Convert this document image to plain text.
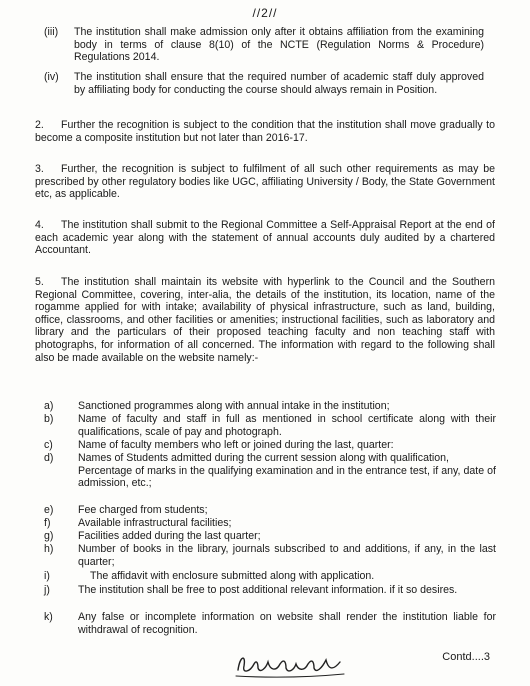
//2//
(iii) The institution shall make admission only after it obtains affiliation from the examining body in terms of clause 8(10) of the NCTE (Regulation Norms & Procedure) Regulations 2014.
(iv) The institution shall ensure that the required number of academic staff duly approved by affiliating body for conducting the course should always remain in Position.
2. Further the recognition is subject to the condition that the institution shall move gradually to become a composite institution but not later than 2016-17.
3. Further, the recognition is subject to fulfilment of all such other requirements as may be prescribed by other regulatory bodies like UGC, affiliating University / Body, the State Government etc, as applicable.
4. The institution shall submit to the Regional Committee a Self-Appraisal Report at the end of each academic year along with the statement of annual accounts duly audited by a chartered Accountant.
5. The institution shall maintain its website with hyperlink to the Council and the Southern Regional Committee, covering, inter-alia, the details of the institution, its location, name of the rogamme applied for with intake; availability of physical infrastructure, such as land, building, office, classrooms, and other facilities or amenities; instructional facilities, such as laboratory and library and the particulars of their proposed teaching faculty and non teaching staff with photographs, for information of all concerned. The information with regard to the following shall also be made available on the website namely:-
a) Sanctioned programmes along with annual intake in the institution;
b) Name of faculty and staff in full as mentioned in school certificate along with their qualifications, scale of pay and photograph.
c) Name of faculty members who left or joined during the last, quarter:
d) Names of Students admitted during the current session along with qualification,
Percentage of marks in the qualifying examination and in the entrance test, if any, date of admission, etc.;
e) Fee charged from students;
f)	Available infrastructural facilities;
g) Facilities added during the last quarter;
h) Number of books in the library, journals subscribed to and additions, if any, in the last quarter;
i)	The affidavit with enclosure submitted along with application.
j)	The institution shall be free to post additional relevant information. if it so desires.
k) Any false or incomplete information on website shall render the institution liable for withdrawal of recognition.
Contd....3
